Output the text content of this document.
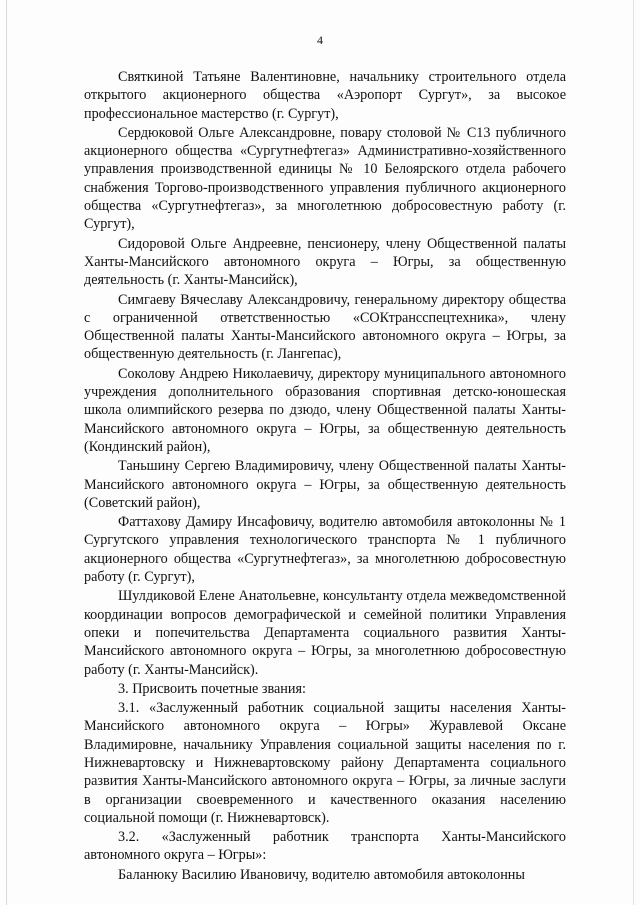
4

Святкиной Татьяне Валентиновне, начальнику строительного отдела открытого акционерного общества «Аэропорт Сургут», за высокое профессиональное мастерство (г. Сургут),

Сердюковой Ольге Александровне, повару столовой № С13 публичного акционерного общества «Сургутнефтегаз» Административно-хозяйственного управления производственной единицы № 10 Белоярского отдела рабочего снабжения Торгово-производственного управления публичного акционерного общества «Сургутнефтегаз», за многолетнюю добросовестную работу (г. Сургут),

Сидоровой Ольге Андреевне, пенсионеру, члену Общественной палаты Ханты-Мансийского автономного округа – Югры, за общественную деятельность (г. Ханты-Мансийск),

Симгаеву Вячеславу Александровичу, генеральному директору общества с ограниченной ответственностью «СОКтрансспецтехника», члену Общественной палаты Ханты-Мансийского автономного округа – Югры, за общественную деятельность (г. Лангепас),

Соколову Андрею Николаевичу, директору муниципального автономного учреждения дополнительного образования спортивная детско-юношеская школа олимпийского резерва по дзюдо, члену Общественной палаты Ханты-Мансийского автономного округа – Югры, за общественную деятельность (Кондинский район),

Таньшину Сергею Владимировичу, члену Общественной палаты Ханты-Мансийского автономного округа – Югры, за общественную деятельность (Советский район),

Фаттахову Дамиру Инсафовичу, водителю автомобиля автоколонны № 1 Сургутского управления технологического транспорта № 1 публичного акционерного общества «Сургутнефтегаз», за многолетнюю добросовестную работу (г. Сургут),

Шулдиковой Елене Анатольевне, консультанту отдела межведомственной координации вопросов демографической и семейной политики Управления опеки и попечительства Департамента социального развития Ханты-Мансийского автономного округа – Югры, за многолетнюю добросовестную работу (г. Ханты-Мансийск).

3. Присвоить почетные звания:

3.1. «Заслуженный работник социальной защиты населения Ханты-Мансийского автономного округа – Югры» Журавлевой Оксане Владимировне, начальнику Управления социальной защиты населения по г. Нижневартовску и Нижневартовскому району Департамента социального развития Ханты-Мансийского автономного округа – Югры, за личные заслуги в организации своевременного и качественного оказания населению социальной помощи (г. Нижневартовск).

3.2. «Заслуженный работник транспорта Ханты-Мансийского автономного округа – Югры»:

Баланюку Василию Ивановичу, водителю автомобиля автоколонны
